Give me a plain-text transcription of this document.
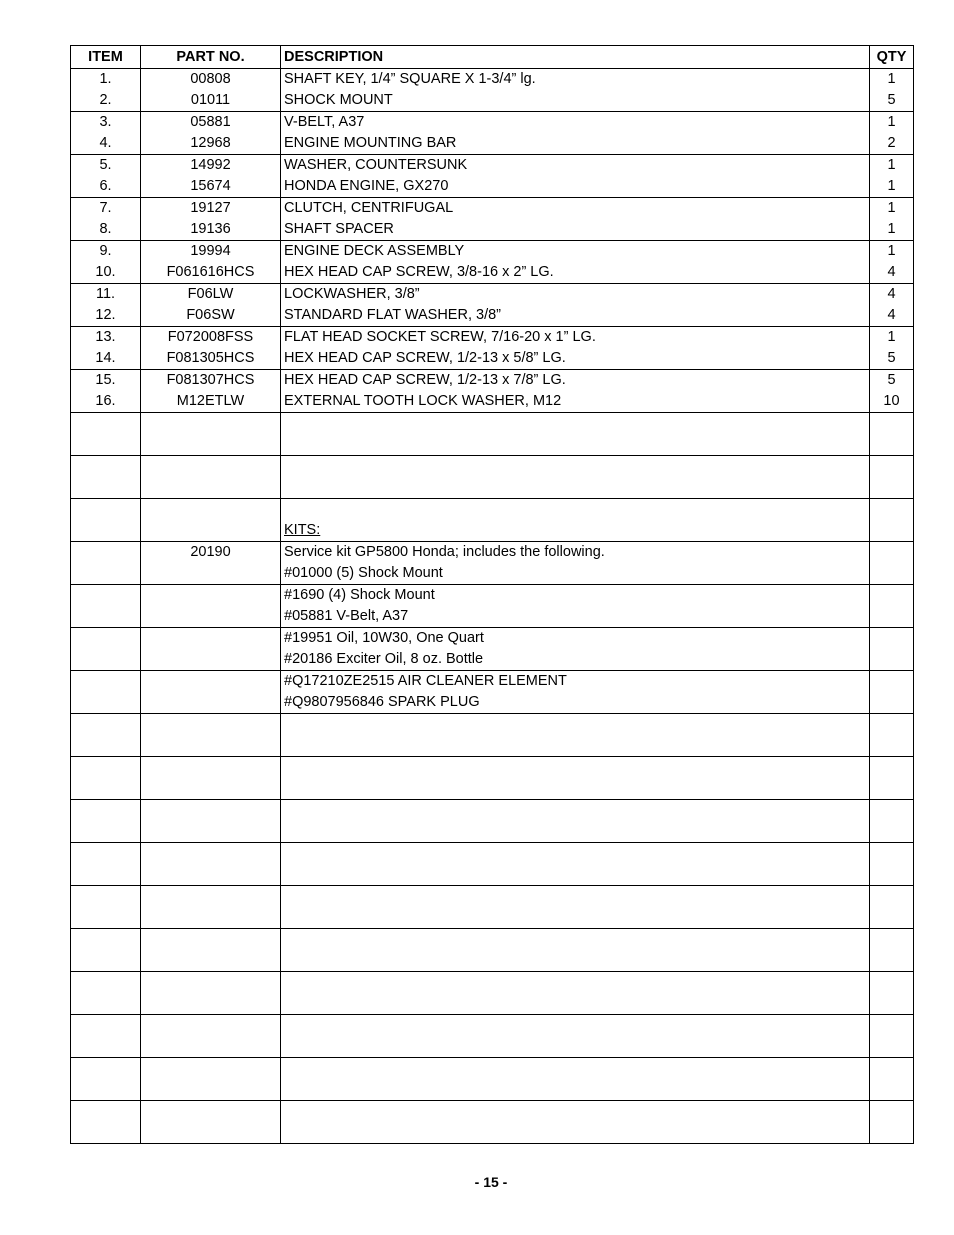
ITEM	PART NO.	DESCRIPTION	QTY
1.	00808	SHAFT KEY, 1/4” SQUARE X 1-3/4” lg.	1
2.	01011	SHOCK MOUNT	5
3.	05881	V-BELT, A37	1
4.	12968	ENGINE MOUNTING BAR	2
5.	14992	WASHER, COUNTERSUNK	1
6.	15674	HONDA ENGINE, GX270	1
7.	19127	CLUTCH, CENTRIFUGAL	1
8.	19136	SHAFT SPACER	1
9.	19994	ENGINE DECK ASSEMBLY	1
10.	F061616HCS	HEX HEAD CAP SCREW, 3/8-16 x 2” LG.	4
11.	F06LW	LOCKWASHER, 3/8”	4
12.	F06SW	STANDARD FLAT WASHER, 3/8”	4
13.	F072008FSS	FLAT HEAD SOCKET SCREW, 7/16-20 x 1” LG.	1
14.	F081305HCS	HEX HEAD CAP SCREW, 1/2-13 x 5/8” LG.	5
15.	F081307HCS	HEX HEAD CAP SCREW, 1/2-13 x 7/8” LG.	5
16.	M12ETLW	EXTERNAL TOOTH LOCK WASHER, M12	10

		KITS:	
	20190	Service kit GP5800 Honda; includes the following.	
		#01000 (5) Shock Mount	
		#1690 (4) Shock Mount	
		#05881 V-Belt, A37	
		#19951 Oil, 10W30, One Quart	
		#20186 Exciter Oil, 8 oz. Bottle	
		#Q17210ZE2515 AIR CLEANER ELEMENT	
		#Q9807956846 SPARK PLUG	

- 15 -
